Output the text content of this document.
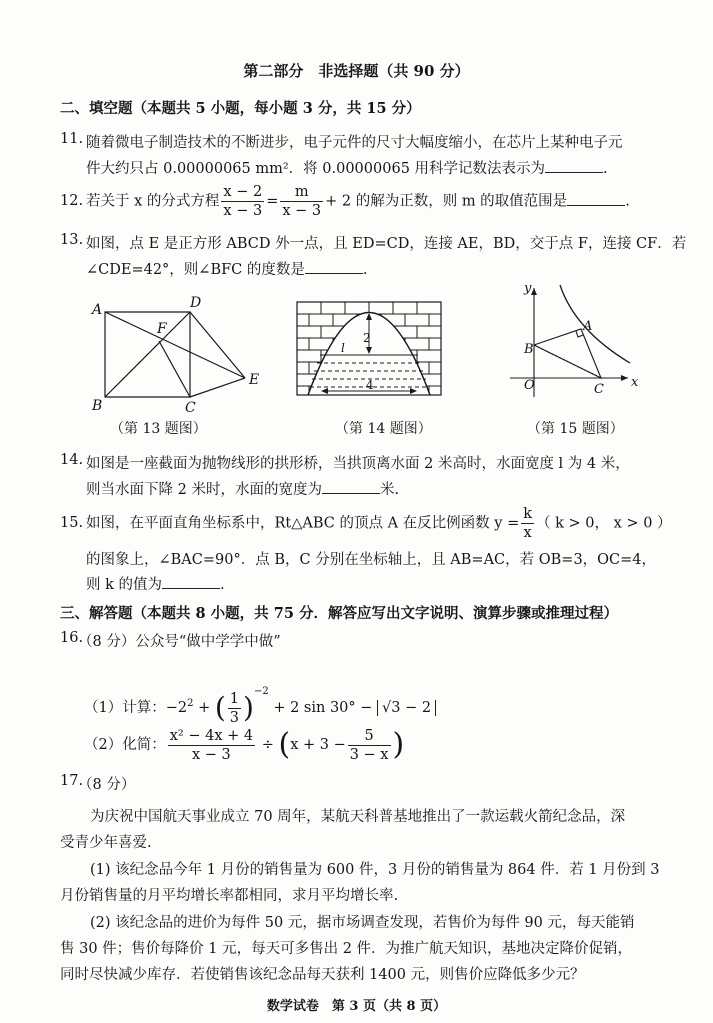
第二部分　非选择题（共 90 分）
二、填空题（本题共 5 小题，每小题 3 分，共 15 分）
11. 随着微电子制造技术的不断进步，电子元件的尺寸大幅度缩小，在芯片上某种电子元
件大约只占 0.00000065 mm²．将 0.00000065 用科学记数法表示为	.
12. 若关于 x 的分式方程 $\frac{x - 2}{x - 3} = \frac{m}{x - 3} + 2$ 的解为正数，则 m 的取值范围是	.
13. 如图，点 E 是正方形 ABCD 外一点，且 ED=CD，连接 AE，BD，交于点 F，连接 CF．若
∠CDE=42°，则∠BFC 的度数是	.
A
B	C
D
E
F
2
l
4
y
x
O
A
B
C
（第 13 题图）	（第 14 题图）	（第 15 题图）
14. 如图是一座截面为抛物线形的拱形桥，当拱顶离水面 2 米高时，水面宽度 l 为 4 米，
则当水面下降 2 米时，水面的宽度为	米.
15. 如图，在平面直角坐标系中，Rt△ABC 的顶点 A 在反比例函数 $y = \frac{k}{x}$ （ k > 0， x > 0 ）
的图象上，∠BAC=90°．点 B，C 分别在坐标轴上，且 AB=AC，若 OB=3，OC=4，
则 k 的值为	.
三、解答题（本题共 8 小题，共 75 分．解答应写出文字说明、演算步骤或推理过程）
16.
（8 分）公众号“做中学学中做”
（1）计算：$-2^2$ + ( $\frac{1}{3} )^{-2} + 2$ sin 30° − √3 − 2
（2）化简： $\frac{\text{x² − 4x + 4}}{x - 3} \div (x + 3 - \frac{5}{3 - x}$ )
17.
（8 分）
为庆祝中国航天事业成立 70 周年，某航天科普基地推出了一款运载火箭纪念品，深
受青少年喜爱.
(1) 该纪念品今年 1 月份的销售量为 600 件，3 月份的销售量为 864 件．若 1 月份到 3
月份销售量的月平均增长率都相同，求月平均增长率.
(2) 该纪念品的进价为每件 50 元，据市场调查发现，若售价为每件 90 元，每天能销
售 30 件；售价每降价 1 元，每天可多售出 2 件．为推广航天知识，基地决定降价促销，
同时尽快减少库存．若使销售该纪念品每天获利 1400 元，则售价应降低多少元？
数学试卷　第 3 页（共 8 页）
